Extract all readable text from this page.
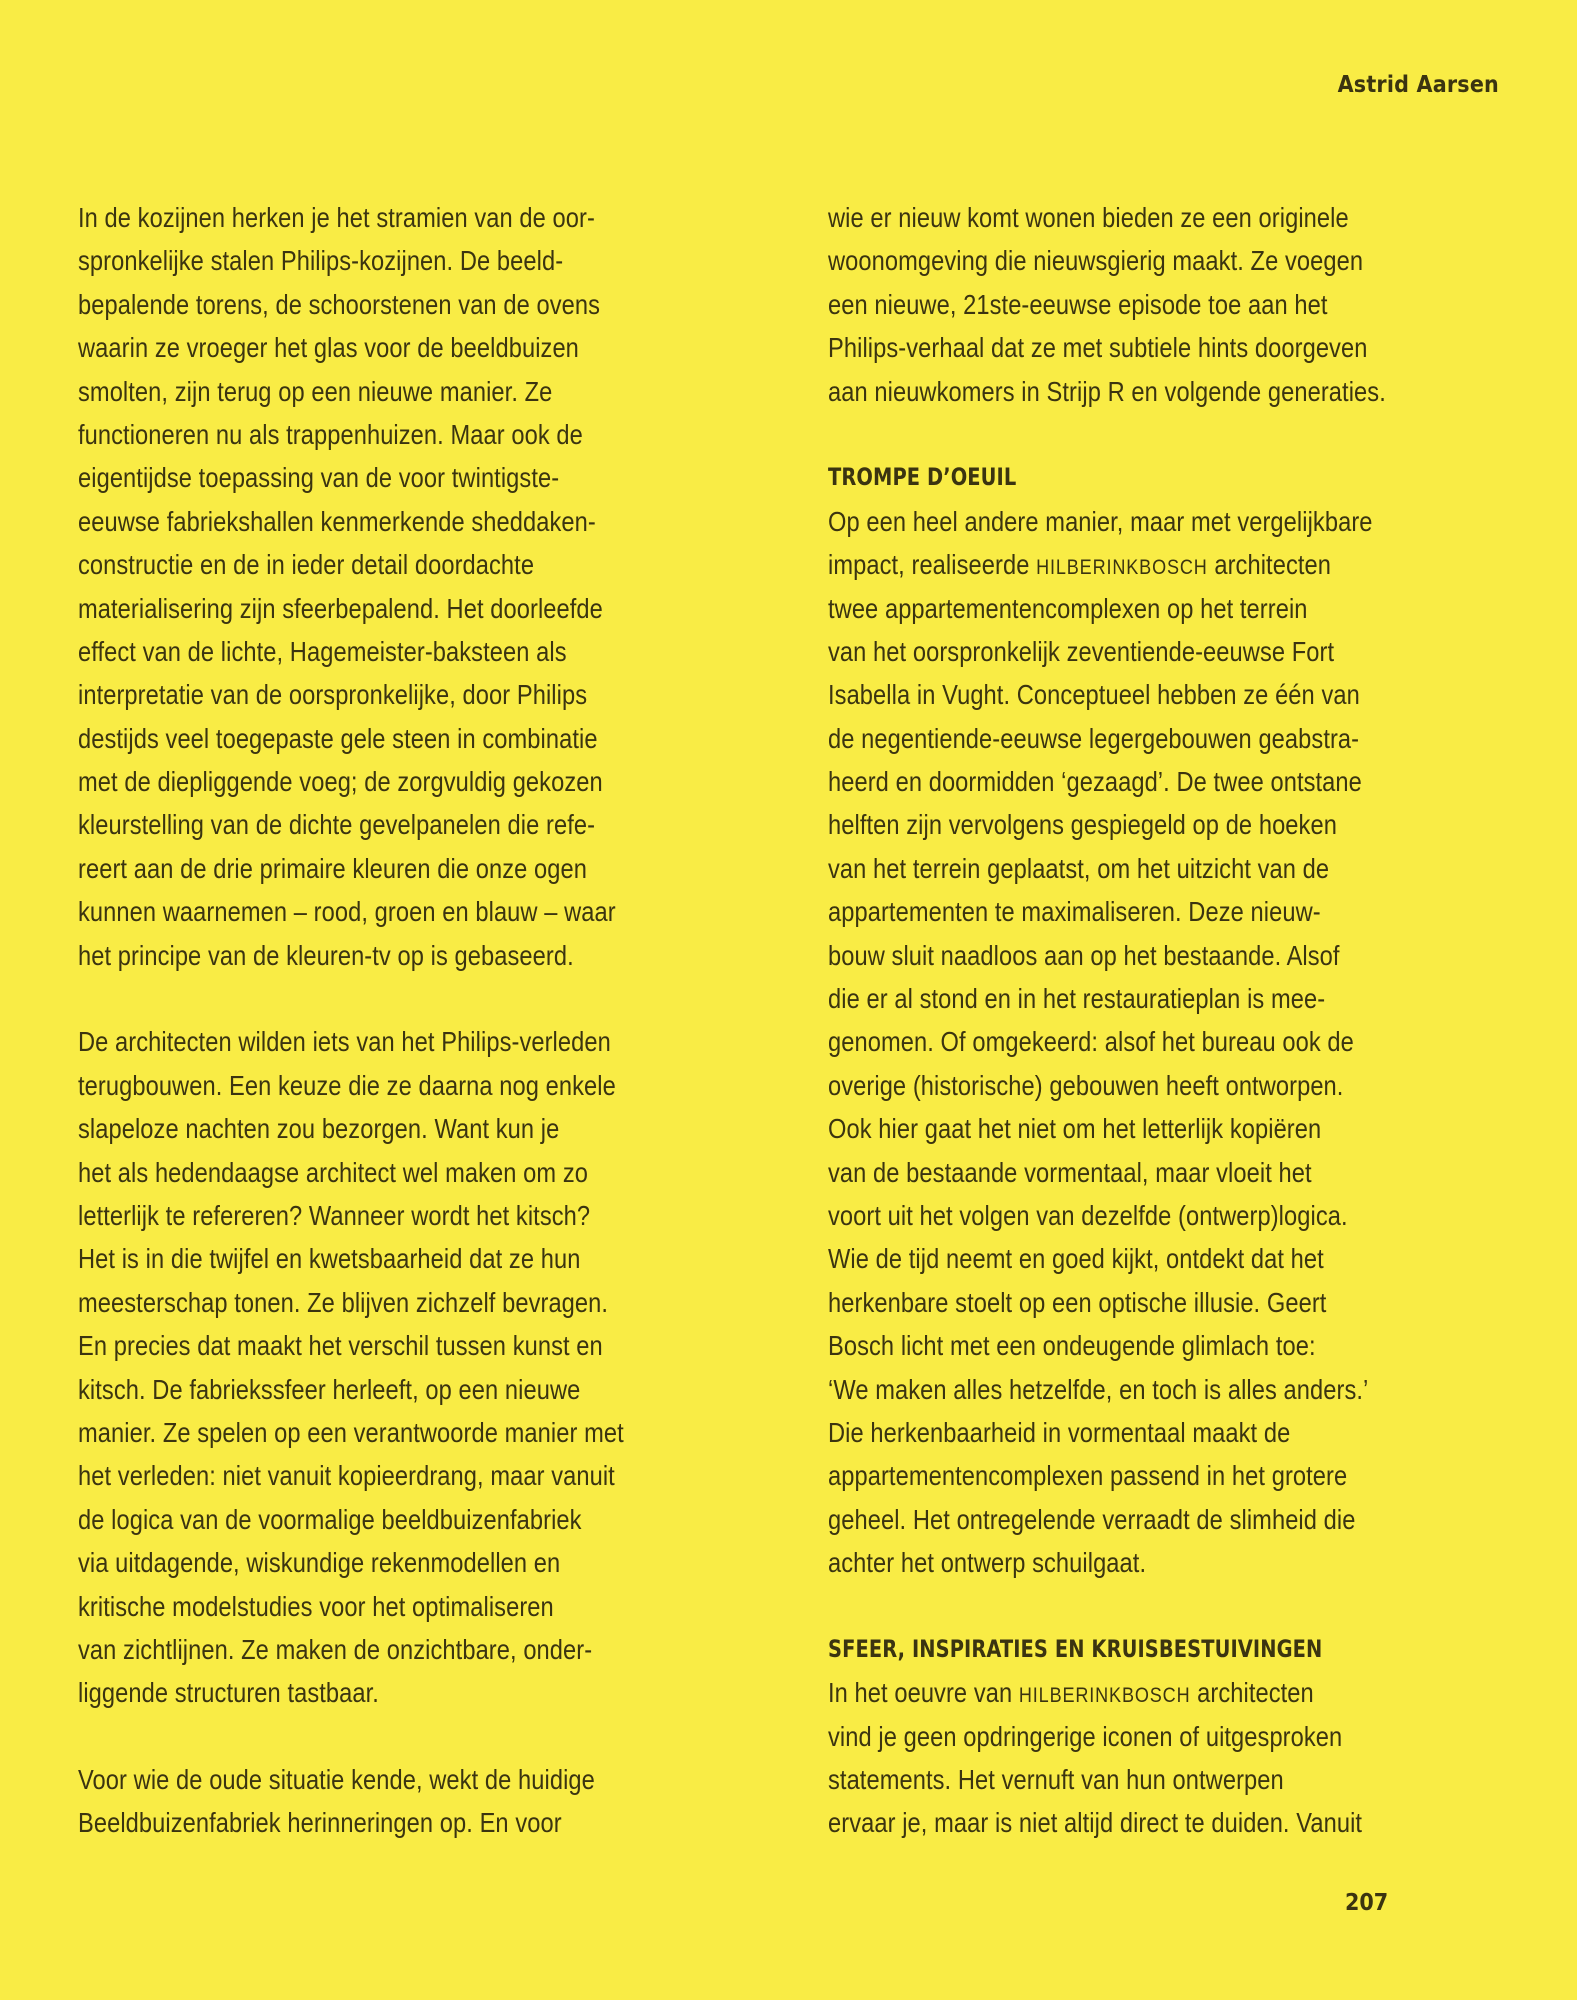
Astrid Aarsen
In de kozijnen herken je het stramien van de oor-
spronkelijke stalen Philips-kozijnen. De beeld-
bepalende torens, de schoorstenen van de ovens
waarin ze vroeger het glas voor de beeldbuizen
smolten, zijn terug op een nieuwe manier. Ze
functioneren nu als trappenhuizen. Maar ook de
eigentijdse toepassing van de voor twintigste-
eeuwse fabriekshallen kenmerkende sheddaken-
constructie en de in ieder detail doordachte
materialisering zijn sfeerbepalend. Het doorleefde
effect van de lichte, Hagemeister-baksteen als
interpretatie van de oorspronkelijke, door Philips
destijds veel toegepaste gele steen in combinatie
met de diepliggende voeg; de zorgvuldig gekozen
kleurstelling van de dichte gevelpanelen die refe-
reert aan de drie primaire kleuren die onze ogen
kunnen waarnemen – rood, groen en blauw – waar
het principe van de kleuren-tv op is gebaseerd.
De architecten wilden iets van het Philips-verleden
terugbouwen. Een keuze die ze daarna nog enkele
slapeloze nachten zou bezorgen. Want kun je
het als hedendaagse architect wel maken om zo
letterlijk te refereren? Wanneer wordt het kitsch?
Het is in die twijfel en kwetsbaarheid dat ze hun
meesterschap tonen. Ze blijven zichzelf bevragen.
En precies dat maakt het verschil tussen kunst en
kitsch. De fabriekssfeer herleeft, op een nieuwe
manier. Ze spelen op een verantwoorde manier met
het verleden: niet vanuit kopieerdrang, maar vanuit
de logica van de voormalige beeldbuizenfabriek
via uitdagende, wiskundige rekenmodellen en
kritische modelstudies voor het optimaliseren
van zichtlijnen. Ze maken de onzichtbare, onder-
liggende structuren tastbaar.
Voor wie de oude situatie kende, wekt de huidige
Beeldbuizenfabriek herinneringen op. En voor
wie er nieuw komt wonen bieden ze een originele
woonomgeving die nieuwsgierig maakt. Ze voegen
een nieuwe, 21ste-eeuwse episode toe aan het
Philips-verhaal dat ze met subtiele hints doorgeven
aan nieuwkomers in Strijp R en volgende generaties.
TROMPE D’OEUIL
Op een heel andere manier, maar met vergelijkbare
impact, realiseerde HILBERINKBOSCH architecten
twee appartementencomplexen op het terrein
van het oorspronkelijk zeventiende-eeuwse Fort
Isabella in Vught. Conceptueel hebben ze één van
de negentiende-eeuwse legergebouwen geabstra-
heerd en doormidden ‘gezaagd’. De twee ontstane
helften zijn vervolgens gespiegeld op de hoeken
van het terrein geplaatst, om het uitzicht van de
appartementen te maximaliseren. Deze nieuw-
bouw sluit naadloos aan op het bestaande. Alsof
die er al stond en in het restauratieplan is mee-
genomen. Of omgekeerd: alsof het bureau ook de
overige (historische) gebouwen heeft ontworpen.
Ook hier gaat het niet om het letterlijk kopiëren
van de bestaande vormentaal, maar vloeit het
voort uit het volgen van dezelfde (ontwerp)logica.
Wie de tijd neemt en goed kijkt, ontdekt dat het
herkenbare stoelt op een optische illusie. Geert
Bosch licht met een ondeugende glimlach toe:
‘We maken alles hetzelfde, en toch is alles anders.’
Die herkenbaarheid in vormentaal maakt de
appartementencomplexen passend in het grotere
geheel. Het ontregelende verraadt de slimheid die
achter het ontwerp schuilgaat.
SFEER, INSPIRATIES EN KRUISBESTUIVINGEN
In het oeuvre van HILBERINKBOSCH architecten
vind je geen opdringerige iconen of uitgesproken
statements. Het vernuft van hun ontwerpen
ervaar je, maar is niet altijd direct te duiden. Vanuit
207
